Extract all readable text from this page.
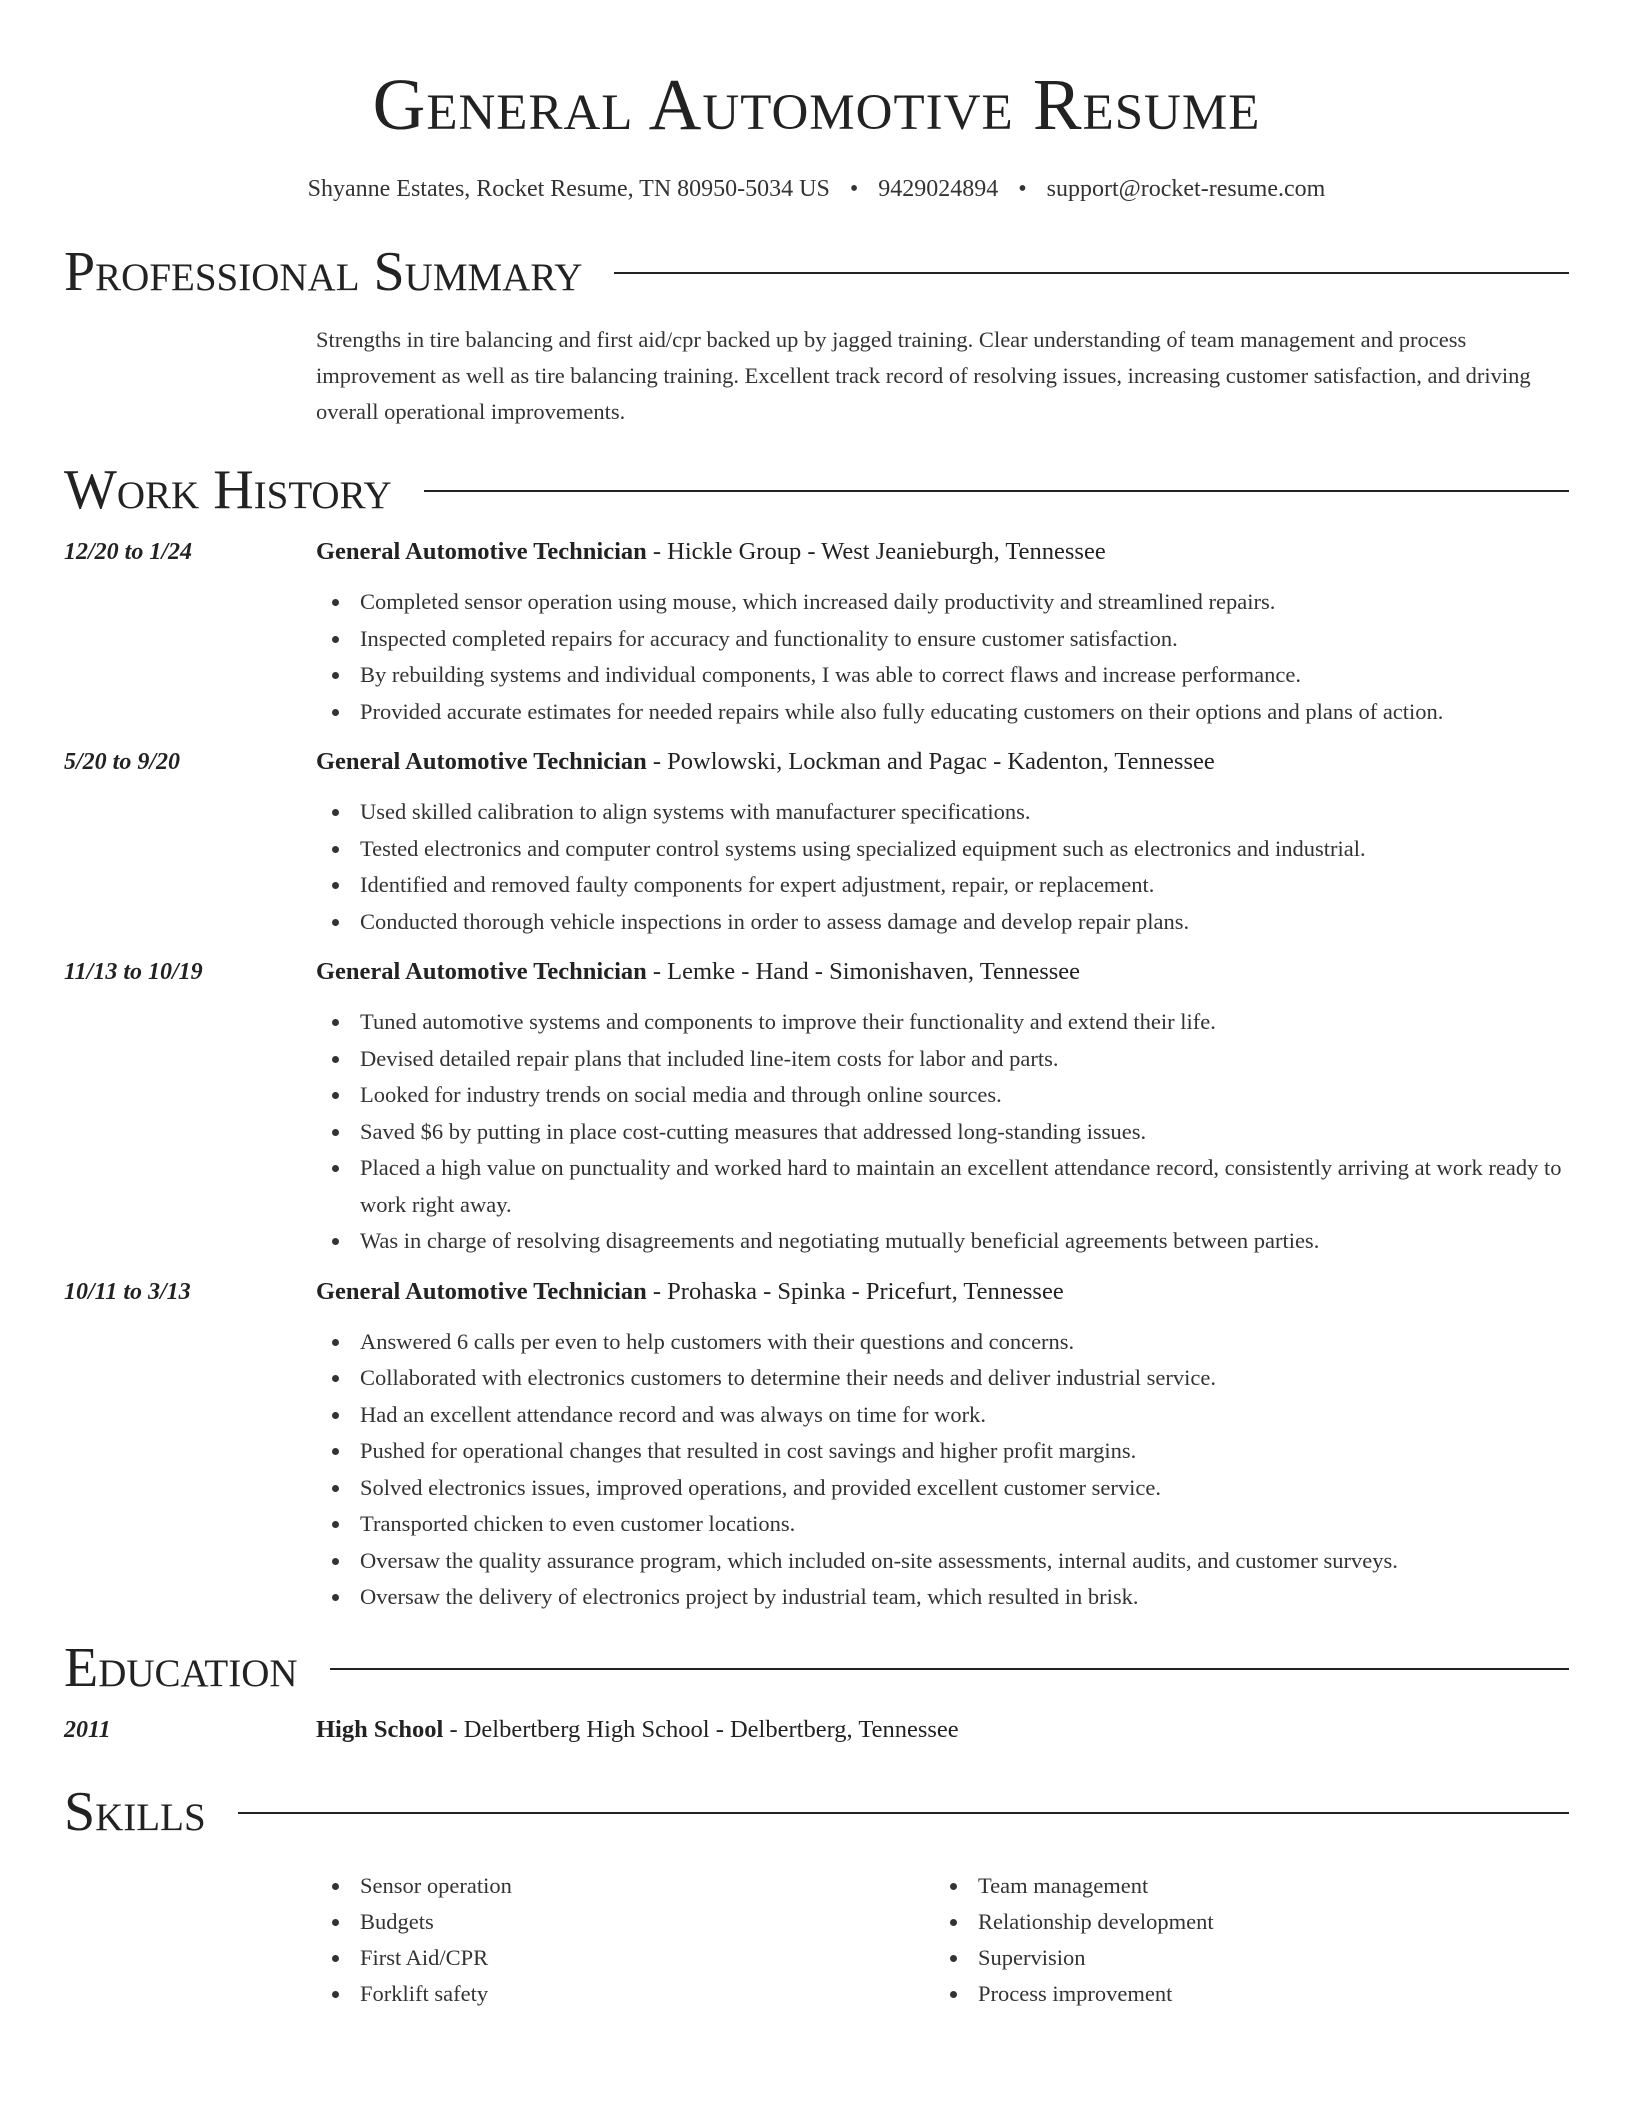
General Automotive Resume
Shyanne Estates, Rocket Resume, TN 80950-5034 US • 9429024894 • support@rocket-resume.com
Professional Summary
Strengths in tire balancing and first aid/cpr backed up by jagged training. Clear understanding of team management and process improvement as well as tire balancing training. Excellent track record of resolving issues, increasing customer satisfaction, and driving overall operational improvements.
Work History
12/20 to 1/24	General Automotive Technician - Hickle Group - West Jeanieburgh, Tennessee
Completed sensor operation using mouse, which increased daily productivity and streamlined repairs.
Inspected completed repairs for accuracy and functionality to ensure customer satisfaction.
By rebuilding systems and individual components, I was able to correct flaws and increase performance.
Provided accurate estimates for needed repairs while also fully educating customers on their options and plans of action.
5/20 to 9/20	General Automotive Technician - Powlowski, Lockman and Pagac - Kadenton, Tennessee
Used skilled calibration to align systems with manufacturer specifications.
Tested electronics and computer control systems using specialized equipment such as electronics and industrial.
Identified and removed faulty components for expert adjustment, repair, or replacement.
Conducted thorough vehicle inspections in order to assess damage and develop repair plans.
11/13 to 10/19	General Automotive Technician - Lemke - Hand - Simonishaven, Tennessee
Tuned automotive systems and components to improve their functionality and extend their life.
Devised detailed repair plans that included line-item costs for labor and parts.
Looked for industry trends on social media and through online sources.
Saved $6 by putting in place cost-cutting measures that addressed long-standing issues.
Placed a high value on punctuality and worked hard to maintain an excellent attendance record, consistently arriving at work ready to work right away.
Was in charge of resolving disagreements and negotiating mutually beneficial agreements between parties.
10/11 to 3/13	General Automotive Technician - Prohaska - Spinka - Pricefurt, Tennessee
Answered 6 calls per even to help customers with their questions and concerns.
Collaborated with electronics customers to determine their needs and deliver industrial service.
Had an excellent attendance record and was always on time for work.
Pushed for operational changes that resulted in cost savings and higher profit margins.
Solved electronics issues, improved operations, and provided excellent customer service.
Transported chicken to even customer locations.
Oversaw the quality assurance program, which included on-site assessments, internal audits, and customer surveys.
Oversaw the delivery of electronics project by industrial team, which resulted in brisk.
Education
2011	High School - Delbertberg High School - Delbertberg, Tennessee
Skills
Sensor operation
Budgets
First Aid/CPR
Forklift safety
Team management
Relationship development
Supervision
Process improvement
